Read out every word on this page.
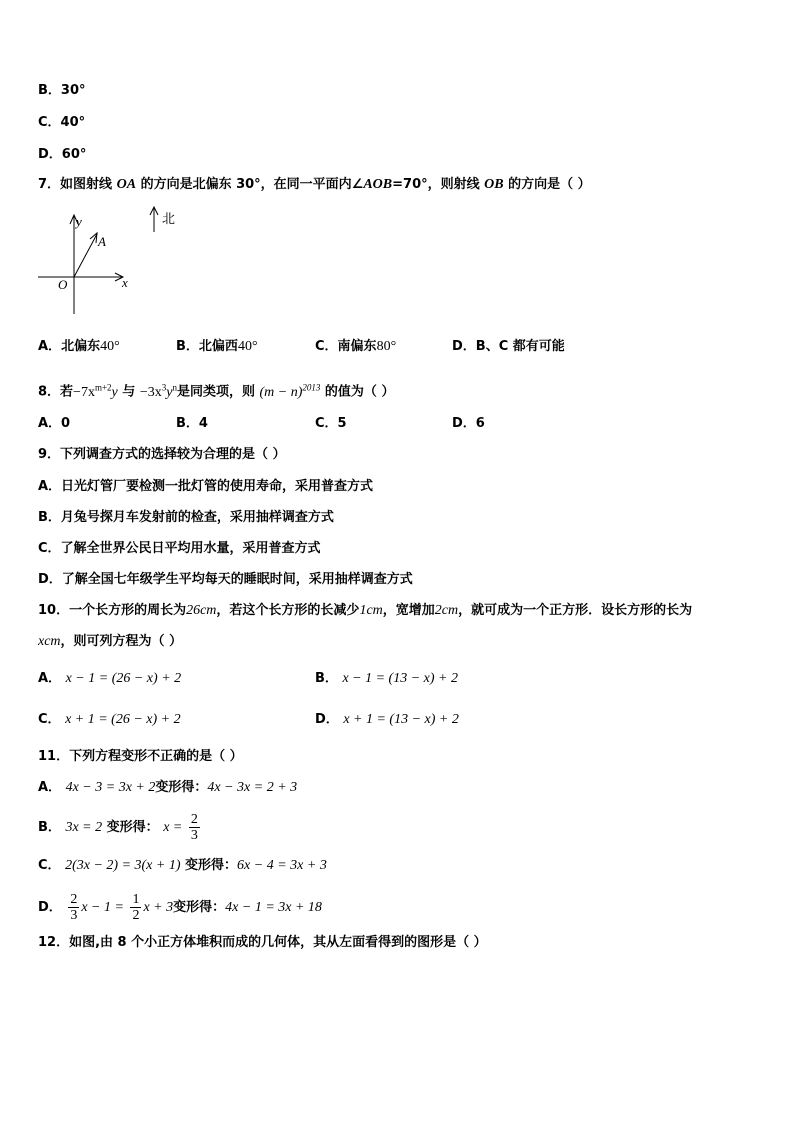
B．30°
C．40°
D．60°
7．如图射线 OA 的方向是北偏东 30°，在同一平面内∠AOB=70°，则射线 OB 的方向是（ ）
北
y
x
O
A
A．北偏东40°	B．北偏西40°	C．南偏东80°	D．B、C 都有可能
8．若$-7x^{m+2}y$ 与 $-3x^3y^n$是同类项，则 $(m - n)^{2013}$ 的值为（ ）
A．0	B．4	C．5	D．6
9．下列调查方式的选择较为合理的是（ ）
A．日光灯管厂要检测一批灯管的使用寿命，采用普查方式
B．月兔号探月车发射前的检查，采用抽样调查方式
C．了解全世界公民日平均用水量，采用普查方式
D．了解全国七年级学生平均每天的睡眠时间，采用抽样调查方式
10．一个长方形的周长为26cm，若这个长方形的长减少1cm，宽增加2cm，就可成为一个正方形．设长方形的长为
xcm，则可列方程为（ ）
A． x − 1 = (26 − x) + 2	B． x − 1 = (13 − x) + 2
C． x + 1 = (26 − x) + 2	D． x + 1 = (13 − x) + 2
11．下列方程变形不正确的是（ ）
A． 4x − 3 = 3x + 2变形得：4x − 3x = 2 + 3
B． 3x = 2 变形得： $x = \frac{2}{3}$
C． 2(3x − 2) = 3(x + 1) 变形得：6x − 4 = 3x + 3
D． $\frac{2}{3}$ $x - 1 = \frac{1}{2}$ x + 3变形得：4x − 1 = 3x + 18
12．如图,由 8 个小正方体堆积而成的几何体，其从左面看得到的图形是（ ）
